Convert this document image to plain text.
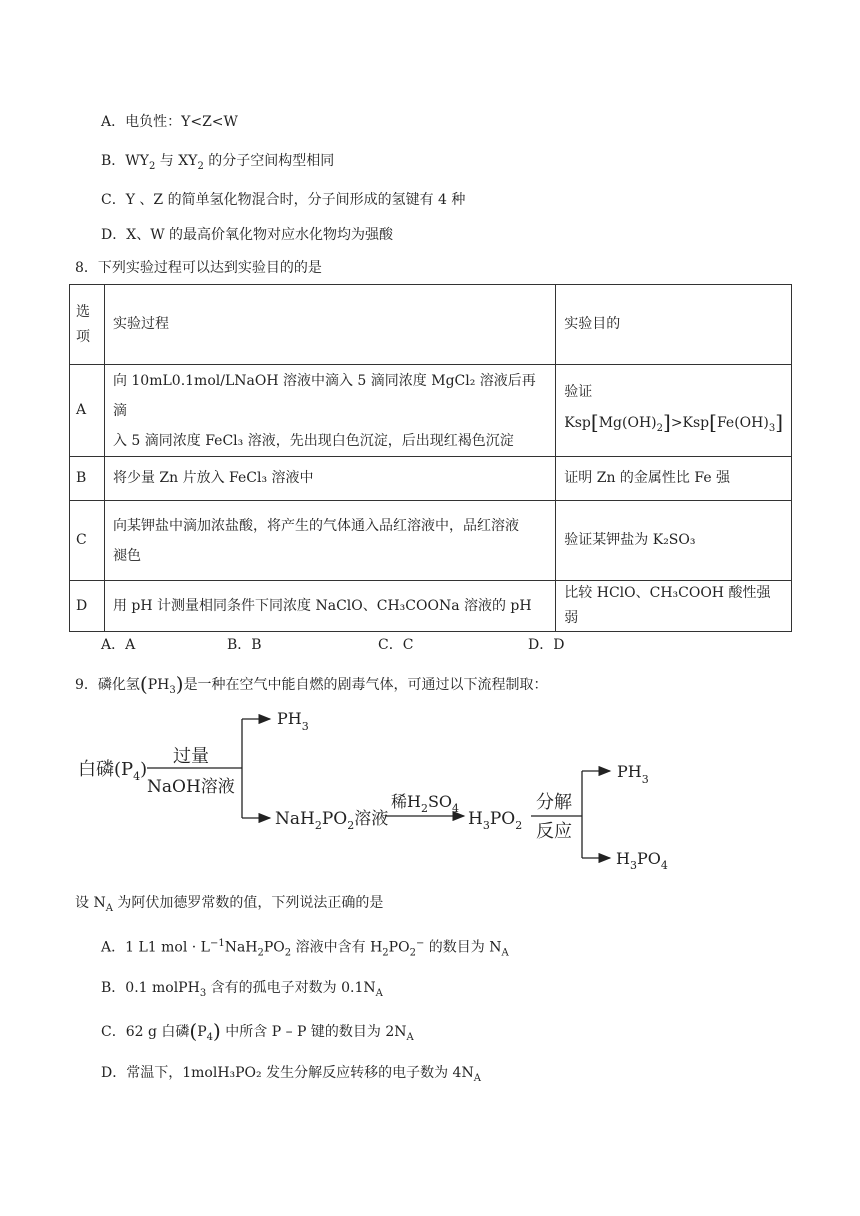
A．电负性：Y<Z<W
B．$WY_2$ 与 $XY_2$ 的分子空间构型相同
C．Y 、Z 的简单氢化物混合时，分子间形成的氢键有 4 种
D．X、W 的最高价氧化物对应水化物均为强酸
8．下列实验过程可以达到实验目的的是
选
项	实验过程	实验目的
A	向 10mL0.1mol/LNaOH 溶液中滴入 5 滴同浓度 MgCl₂ 溶液后再滴
入 5 滴同浓度 FeCl₃ 溶液，先出现白色沉淀，后出现红褐色沉淀	验证
$Ksp[Mg(OH)_2]>Ksp[Fe(OH)_3]$
B	将少量 Zn 片放入 FeCl₃ 溶液中	证明 Zn 的金属性比 Fe 强
C	向某钾盐中滴加浓盐酸，将产生的气体通入品红溶液中，品红溶液
褪色	验证某钾盐为 K₂SO₃
D	用 pH 计测量相同条件下同浓度 NaClO、CH₃COONa 溶液的 pH	比较 HClO、CH₃COOH 酸性强弱
A．A	B．B	C．C	D．D
9．磷化氢$(PH_3)$是一种在空气中能自燃的剧毒气体，可通过以下流程制取：
白磷$(P_4)$
过量
NaOH溶液
$PH_3$
$NaH_2PO_2$溶液
稀$H_2SO_4$
$H_3PO_2$
分解
反应
$PH_3$
$H_3PO_4$
设 $N_A$ 为阿伏加德罗常数的值，下列说法正确的是
A．1 L1 mol · $L^{-1}NaH_2PO_2$ 溶液中含有 $H_2PO_2^-$ 的数目为 $N_A$
B．0.1 molPH$_3$ 含有的孤电子对数为 $0.1N_A$
C．62 g 白磷$(P_4)$ 中所含 P – P 键的数目为 $2N_A$
D．常温下，1molH₃PO₂ 发生分解反应转移的电子数为 $4N_A$
